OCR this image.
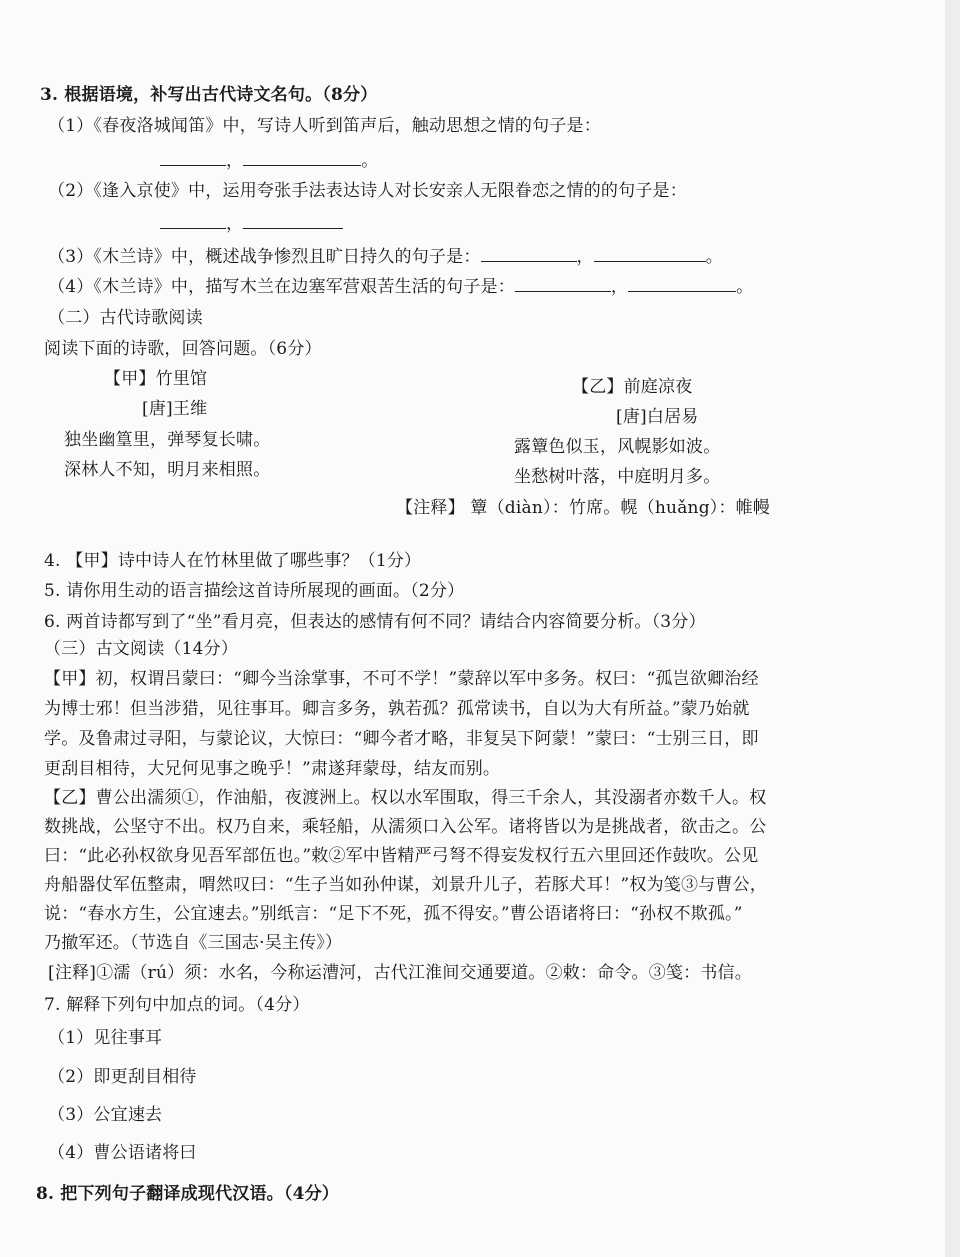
3. 根据语境，补写出古代诗文名句。（8分）
（1）《春夜洛城闻笛》中，写诗人听到笛声后，触动思想之情的句子是：
，	。
（2）《逢入京使》中，运用夸张手法表达诗人对长安亲人无限眷恋之情的的句子是：
，
（3）《木兰诗》中，概述战争惨烈且旷日持久的句子是：	，	。
（4）《木兰诗》中，描写木兰在边塞军营艰苦生活的句子是：	，	。
（二）古代诗歌阅读
阅读下面的诗歌，回答问题。（6分）
【甲】竹里馆
[唐]王维
独坐幽篁里，弹琴复长啸。
深林人不知，明月来相照。
【乙】前庭凉夜
[唐]白居易
露簟色似玉，风幌影如波。
坐愁树叶落，中庭明月多。
【注释】 簟（diàn）：竹席。幌（huǎng）：帷幔
4. 【甲】诗中诗人在竹林里做了哪些事？（1分）
5. 请你用生动的语言描绘这首诗所展现的画面。（2分）
6. 两首诗都写到了“坐”看月亮，但表达的感情有何不同？请结合内容简要分析。（3分）
（三）古文阅读（14分）
【甲】初，权谓吕蒙曰：“卿今当涂掌事，不可不学！”蒙辞以军中多务。权曰：“孤岂欲卿治经
为博士邪！但当涉猎，见往事耳。卿言多务，孰若孤？孤常读书，自以为大有所益。”蒙乃始就
学。及鲁肃过寻阳，与蒙论议，大惊曰：“卿今者才略，非复吴下阿蒙！”蒙曰：“士别三日，即
更刮目相待，大兄何见事之晚乎！”肃遂拜蒙母，结友而别。
【乙】曹公出濡须①，作油船，夜渡洲上。权以水军围取，得三千余人，其没溺者亦数千人。权
数挑战，公坚守不出。权乃自来，乘轻船，从濡须口入公军。诸将皆以为是挑战者，欲击之。公
曰：“此必孙权欲身见吾军部伍也。”敕②军中皆精严弓弩不得妄发权行五六里回还作鼓吹。公见
舟船器仗军伍整肃，喟然叹曰：“生子当如孙仲谋，刘景升儿子，若豚犬耳！”权为笺③与曹公，
说：“春水方生，公宜速去。”别纸言：“足下不死，孤不得安。”曹公语诸将曰：“孙权不欺孤。”
乃撤军还。（节选自《三国志·吴主传》）
[注释]①濡（rú）须：水名，今称运漕河，古代江淮间交通要道。②敕：命令。③笺：书信。
7. 解释下列句中加点的词。（4分）
（1）见往事耳
（2）即更刮目相待
（3）公宜速去
（4）曹公语诸将曰
8. 把下列句子翻译成现代汉语。（4分）
